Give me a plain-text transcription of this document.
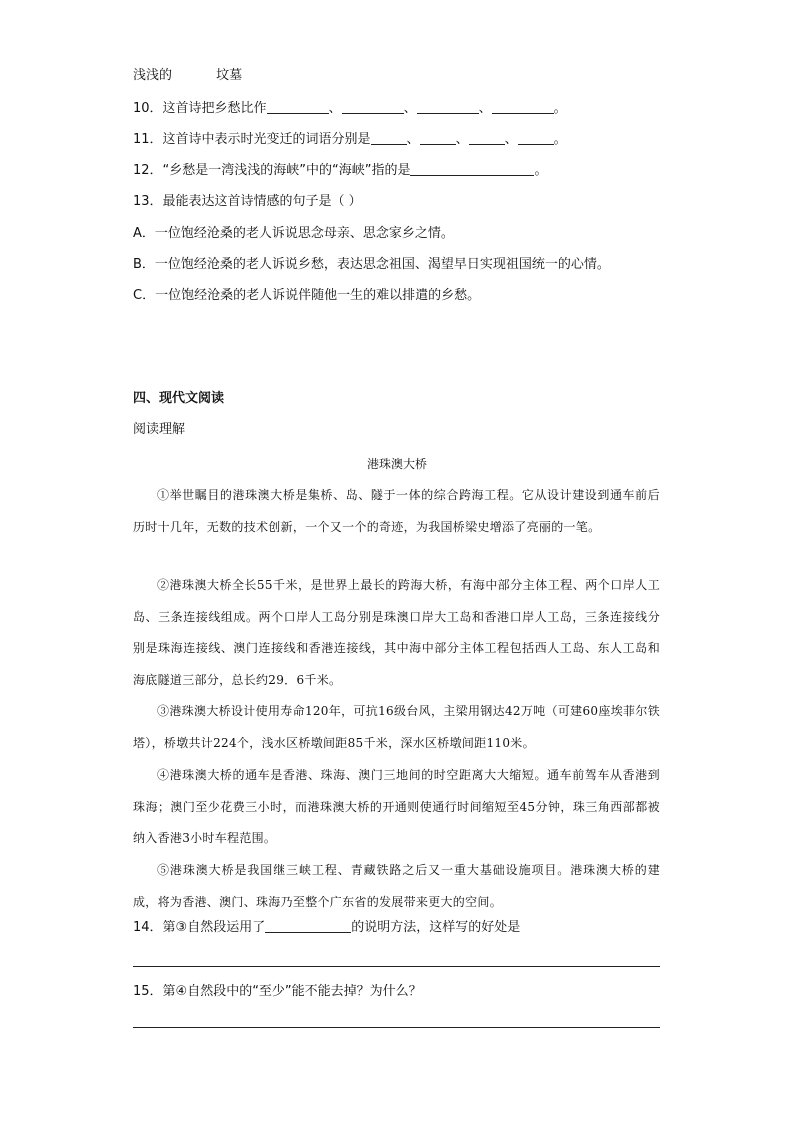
浅浅的	坟墓
10．这首诗把乡愁比作	、	、	、	。
11．这首诗中表示时光变迁的词语分别是	、	、	、	。
12．“乡愁是一湾浅浅的海峡”中的“海峡”指的是	。
13．最能表达这首诗情感的句子是（ ）
A．一位饱经沧桑的老人诉说思念母亲、思念家乡之情。
B．一位饱经沧桑的老人诉说乡愁，表达思念祖国、渴望早日实现祖国统一的心情。
C．一位饱经沧桑的老人诉说伴随他一生的难以排遣的乡愁。
四、现代文阅读
阅读理解
港珠澳大桥
①举世瞩目的港珠澳大桥是集桥、岛、隧于一体的综合跨海工程。它从设计建设到通车前后历时十几年，无数的技术创新，一个又一个的奇迹，为我国桥梁史增添了亮丽的一笔。
②港珠澳大桥全长55千米，是世界上最长的跨海大桥，有海中部分主体工程、两个口岸人工岛、三条连接线组成。两个口岸人工岛分别是珠澳口岸大工岛和香港口岸人工岛，三条连接线分别是珠海连接线、澳门连接线和香港连接线，其中海中部分主体工程包括西人工岛、东人工岛和海底隧道三部分，总长约29．6千米。
③港珠澳大桥设计使用寿命120年，可抗16级台风，主梁用钢达42万吨（可建60座埃菲尔铁塔），桥墩共计224个，浅水区桥墩间距85千米，深水区桥墩间距110米。
④港珠澳大桥的通车是香港、珠海、澳门三地间的时空距离大大缩短。通车前驾车从香港到珠海；澳门至少花费三小时，而港珠澳大桥的开通则使通行时间缩短至45分钟，珠三角西部都被纳入香港3小时车程范围。
⑤港珠澳大桥是我国继三峡工程、青藏铁路之后又一重大基础设施项目。港珠澳大桥的建成，将为香港、澳门、珠海乃至整个广东省的发展带来更大的空间。
14．第③自然段运用了	的说明方法，这样写的好处是
15．第④自然段中的“至少”能不能去掉？为什么？
